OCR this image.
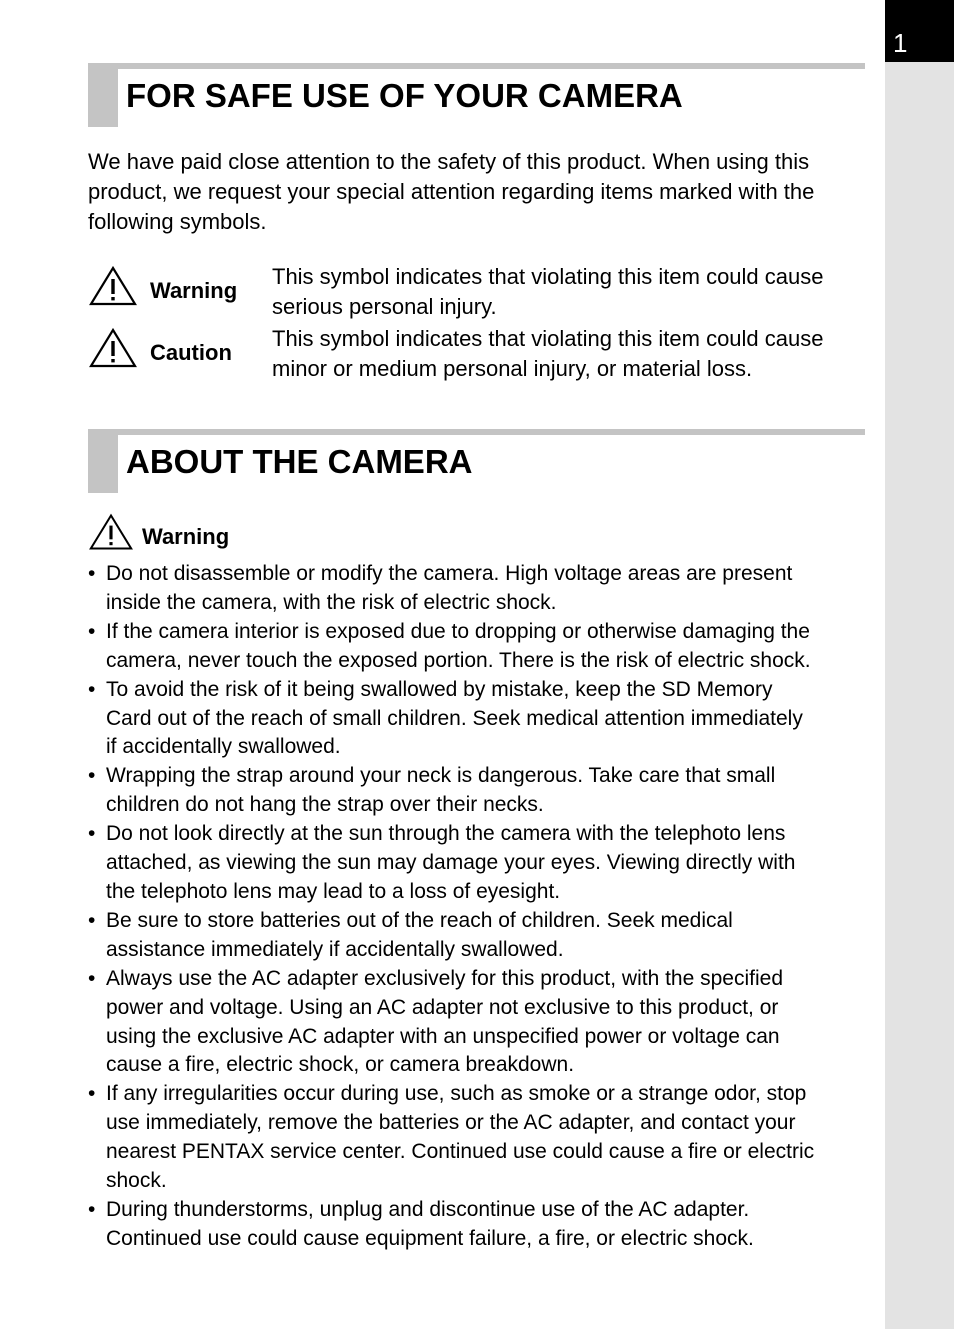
1
FOR SAFE USE OF YOUR CAMERA
We have paid close attention to the safety of this product. When using this
product, we request your special attention regarding items marked with the
following symbols.
Warning
This symbol indicates that violating this item could cause
serious personal injury.
Caution
This symbol indicates that violating this item could cause
minor or medium personal injury, or material loss.
ABOUT THE CAMERA
Warning
• Do not disassemble or modify the camera. High voltage areas are present
inside the camera, with the risk of electric shock.
• If the camera interior is exposed due to dropping or otherwise damaging the
camera, never touch the exposed portion. There is the risk of electric shock.
• To avoid the risk of it being swallowed by mistake, keep the SD Memory
Card out of the reach of small children. Seek medical attention immediately
if accidentally swallowed.
• Wrapping the strap around your neck is dangerous. Take care that small
children do not hang the strap over their necks.
• Do not look directly at the sun through the camera with the telephoto lens
attached, as viewing the sun may damage your eyes. Viewing directly with
the telephoto lens may lead to a loss of eyesight.
• Be sure to store batteries out of the reach of children. Seek medical
assistance immediately if accidentally swallowed.
• Always use the AC adapter exclusively for this product, with the specified
power and voltage. Using an AC adapter not exclusive to this product, or
using the exclusive AC adapter with an unspecified power or voltage can
cause a fire, electric shock, or camera breakdown.
• If any irregularities occur during use, such as smoke or a strange odor, stop
use immediately, remove the batteries or the AC adapter, and contact your
nearest PENTAX service center. Continued use could cause a fire or electric
shock.
• During thunderstorms, unplug and discontinue use of the AC adapter.
Continued use could cause equipment failure, a fire, or electric shock.
